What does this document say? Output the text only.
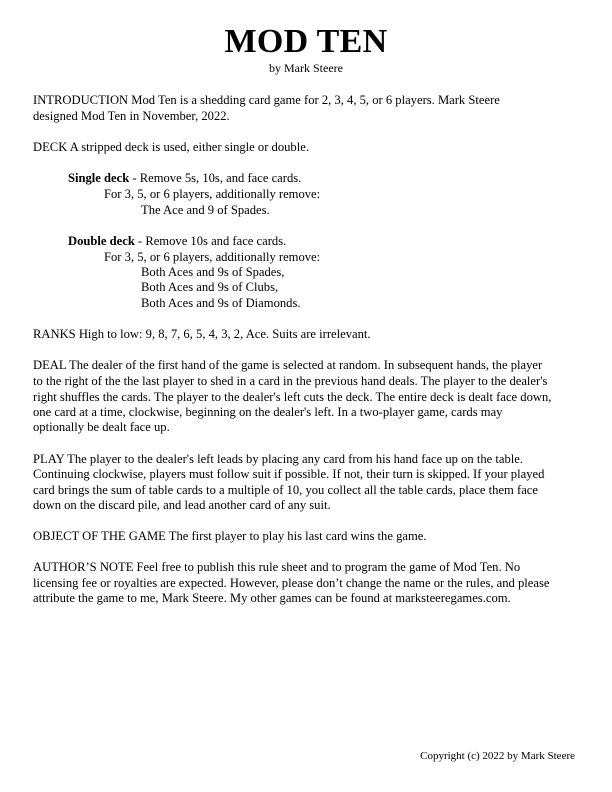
MOD TEN
by Mark Steere
INTRODUCTION Mod Ten is a shedding card game for 2, 3, 4, 5, or 6 players. Mark Steere
designed Mod Ten in November, 2022.
DECK A stripped deck is used, either single or double.
Single deck - Remove 5s, 10s, and face cards.
For 3, 5, or 6 players, additionally remove:
The Ace and 9 of Spades.
Double deck - Remove 10s and face cards.
For 3, 5, or 6 players, additionally remove:
Both Aces and 9s of Spades,
Both Aces and 9s of Clubs,
Both Aces and 9s of Diamonds.
RANKS High to low: 9, 8, 7, 6, 5, 4, 3, 2, Ace. Suits are irrelevant.
DEAL The dealer of the first hand of the game is selected at random. In subsequent hands, the player
to the right of the the last player to shed in a card in the previous hand deals. The player to the dealer's
right shuffles the cards. The player to the dealer's left cuts the deck. The entire deck is dealt face down,
one card at a time, clockwise, beginning on the dealer's left. In a two-player game, cards may
optionally be dealt face up.
PLAY The player to the dealer's left leads by placing any card from his hand face up on the table.
Continuing clockwise, players must follow suit if possible. If not, their turn is skipped. If your played
card brings the sum of table cards to a multiple of 10, you collect all the table cards, place them face
down on the discard pile, and lead another card of any suit.
OBJECT OF THE GAME The first player to play his last card wins the game.
AUTHOR’S NOTE Feel free to publish this rule sheet and to program the game of Mod Ten. No
licensing fee or royalties are expected. However, please don’t change the name or the rules, and please
attribute the game to me, Mark Steere. My other games can be found at marksteeregames.com.
Copyright (c) 2022 by Mark Steere
